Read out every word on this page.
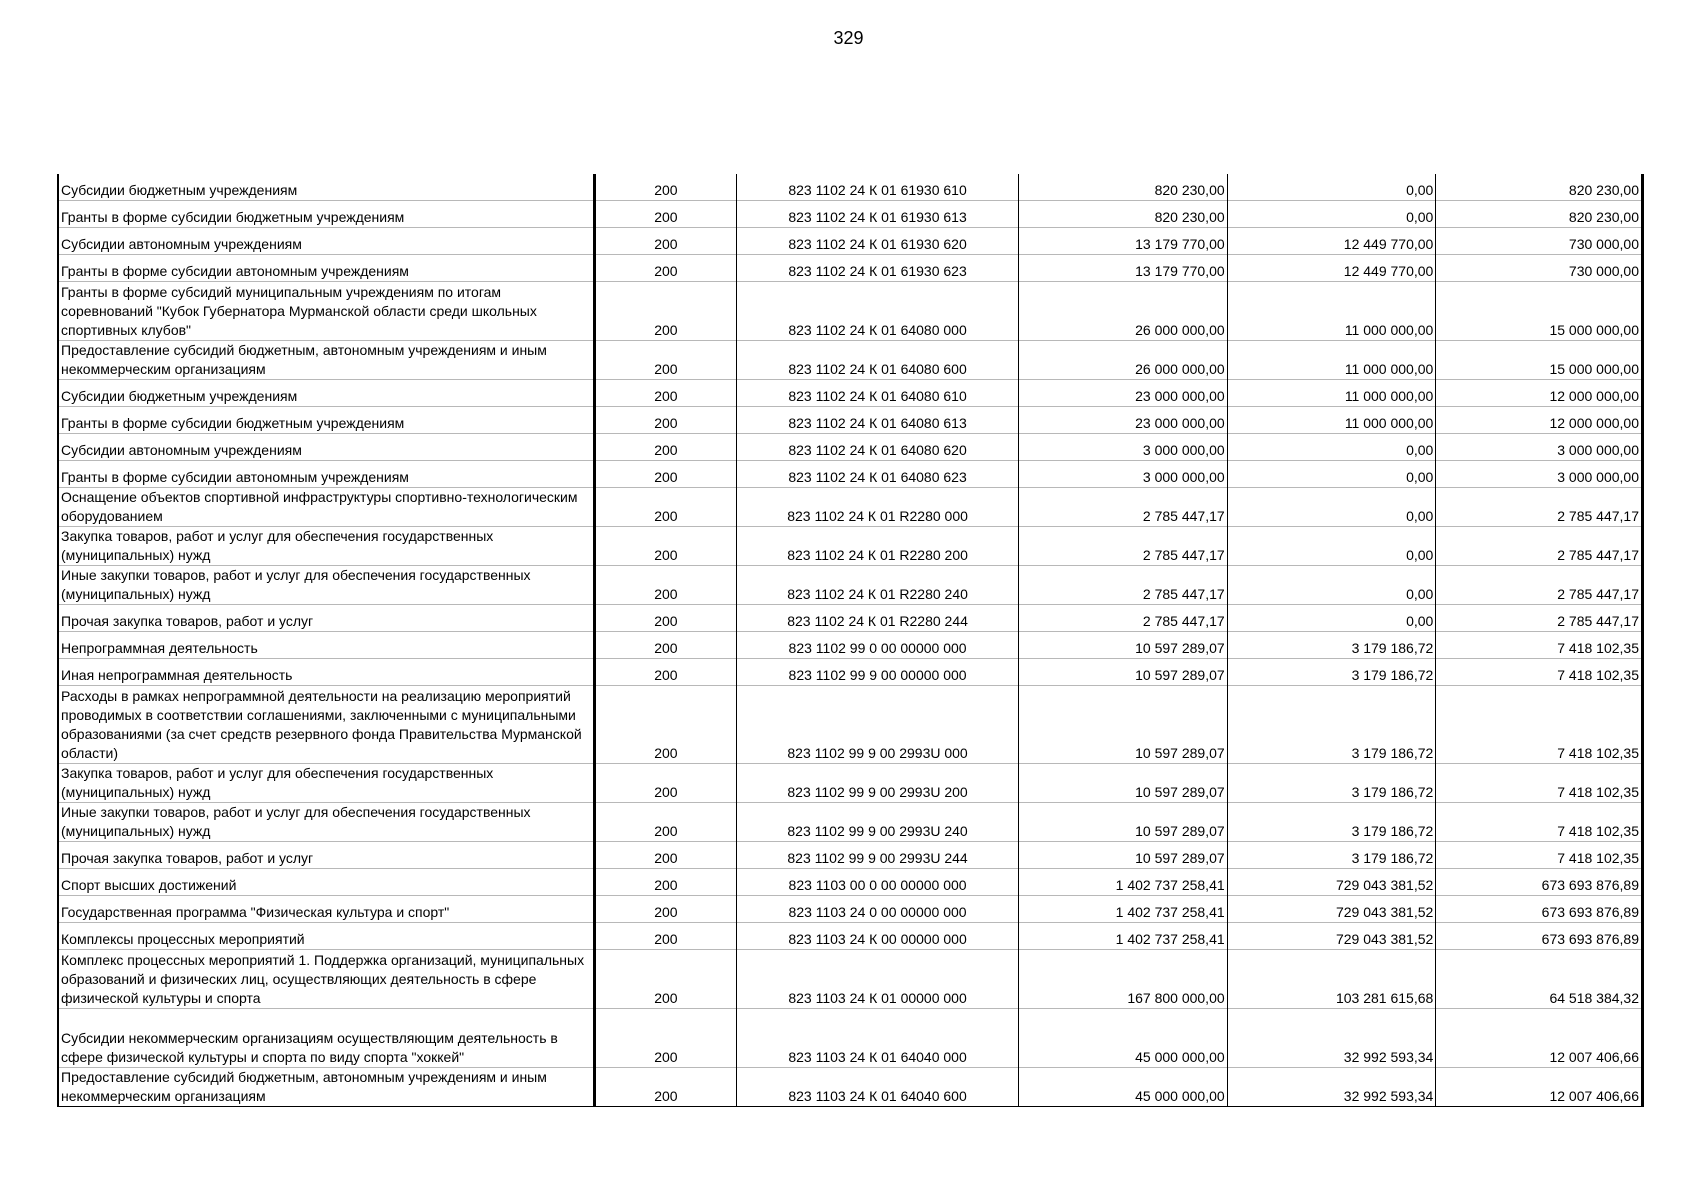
329
Субсидии бюджетным учреждениям	200	823 1102 24 К 01 61930 610	820 230,00	0,00	820 230,00
Гранты в форме субсидии бюджетным учреждениям	200	823 1102 24 К 01 61930 613	820 230,00	0,00	820 230,00
Субсидии автономным учреждениям	200	823 1102 24 К 01 61930 620	13 179 770,00	12 449 770,00	730 000,00
Гранты в форме субсидии автономным учреждениям	200	823 1102 24 К 01 61930 623	13 179 770,00	12 449 770,00	730 000,00
Гранты в форме субсидий муниципальным учреждениям по итогам соревнований "Кубок Губернатора Мурманской области среди школьных спортивных клубов"	200	823 1102 24 К 01 64080 000	26 000 000,00	11 000 000,00	15 000 000,00
Предоставление субсидий бюджетным, автономным учреждениям и иным некоммерческим организациям	200	823 1102 24 К 01 64080 600	26 000 000,00	11 000 000,00	15 000 000,00
Субсидии бюджетным учреждениям	200	823 1102 24 К 01 64080 610	23 000 000,00	11 000 000,00	12 000 000,00
Гранты в форме субсидии бюджетным учреждениям	200	823 1102 24 К 01 64080 613	23 000 000,00	11 000 000,00	12 000 000,00
Субсидии автономным учреждениям	200	823 1102 24 К 01 64080 620	3 000 000,00	0,00	3 000 000,00
Гранты в форме субсидии автономным учреждениям	200	823 1102 24 К 01 64080 623	3 000 000,00	0,00	3 000 000,00
Оснащение объектов спортивной инфраструктуры спортивно-технологическим оборудованием	200	823 1102 24 К 01 R2280 000	2 785 447,17	0,00	2 785 447,17
Закупка товаров, работ и услуг для обеспечения государственных (муниципальных) нужд	200	823 1102 24 К 01 R2280 200	2 785 447,17	0,00	2 785 447,17
Иные закупки товаров, работ и услуг для обеспечения государственных (муниципальных) нужд	200	823 1102 24 К 01 R2280 240	2 785 447,17	0,00	2 785 447,17
Прочая закупка товаров, работ и услуг	200	823 1102 24 К 01 R2280 244	2 785 447,17	0,00	2 785 447,17
Непрограммная деятельность	200	823 1102 99 0 00 00000 000	10 597 289,07	3 179 186,72	7 418 102,35
Иная непрограммная деятельность	200	823 1102 99 9 00 00000 000	10 597 289,07	3 179 186,72	7 418 102,35
Расходы в рамках непрограммной деятельности на реализацию мероприятий проводимых в соответствии соглашениями, заключенными с муниципальными образованиями (за счет средств резервного фонда Правительства Мурманской области)	200	823 1102 99 9 00 2993U 000	10 597 289,07	3 179 186,72	7 418 102,35
Закупка товаров, работ и услуг для обеспечения государственных (муниципальных) нужд	200	823 1102 99 9 00 2993U 200	10 597 289,07	3 179 186,72	7 418 102,35
Иные закупки товаров, работ и услуг для обеспечения государственных (муниципальных) нужд	200	823 1102 99 9 00 2993U 240	10 597 289,07	3 179 186,72	7 418 102,35
Прочая закупка товаров, работ и услуг	200	823 1102 99 9 00 2993U 244	10 597 289,07	3 179 186,72	7 418 102,35
Спорт высших достижений	200	823 1103 00 0 00 00000 000	1 402 737 258,41	729 043 381,52	673 693 876,89
Государственная программа "Физическая культура и спорт"	200	823 1103 24 0 00 00000 000	1 402 737 258,41	729 043 381,52	673 693 876,89
Комплексы процессных мероприятий	200	823 1103 24 К 00 00000 000	1 402 737 258,41	729 043 381,52	673 693 876,89
Комплекс процессных мероприятий 1. Поддержка организаций, муниципальных образований и физических лиц, осуществляющих деятельность в сфере физической культуры и спорта	200	823 1103 24 К 01 00000 000	167 800 000,00	103 281 615,68	64 518 384,32
Субсидии некоммерческим организациям осуществляющим деятельность в сфере физической культуры и спорта по виду спорта "хоккей"	200	823 1103 24 К 01 64040 000	45 000 000,00	32 992 593,34	12 007 406,66
Предоставление субсидий бюджетным, автономным учреждениям и иным некоммерческим организациям	200	823 1103 24 К 01 64040 600	45 000 000,00	32 992 593,34	12 007 406,66
